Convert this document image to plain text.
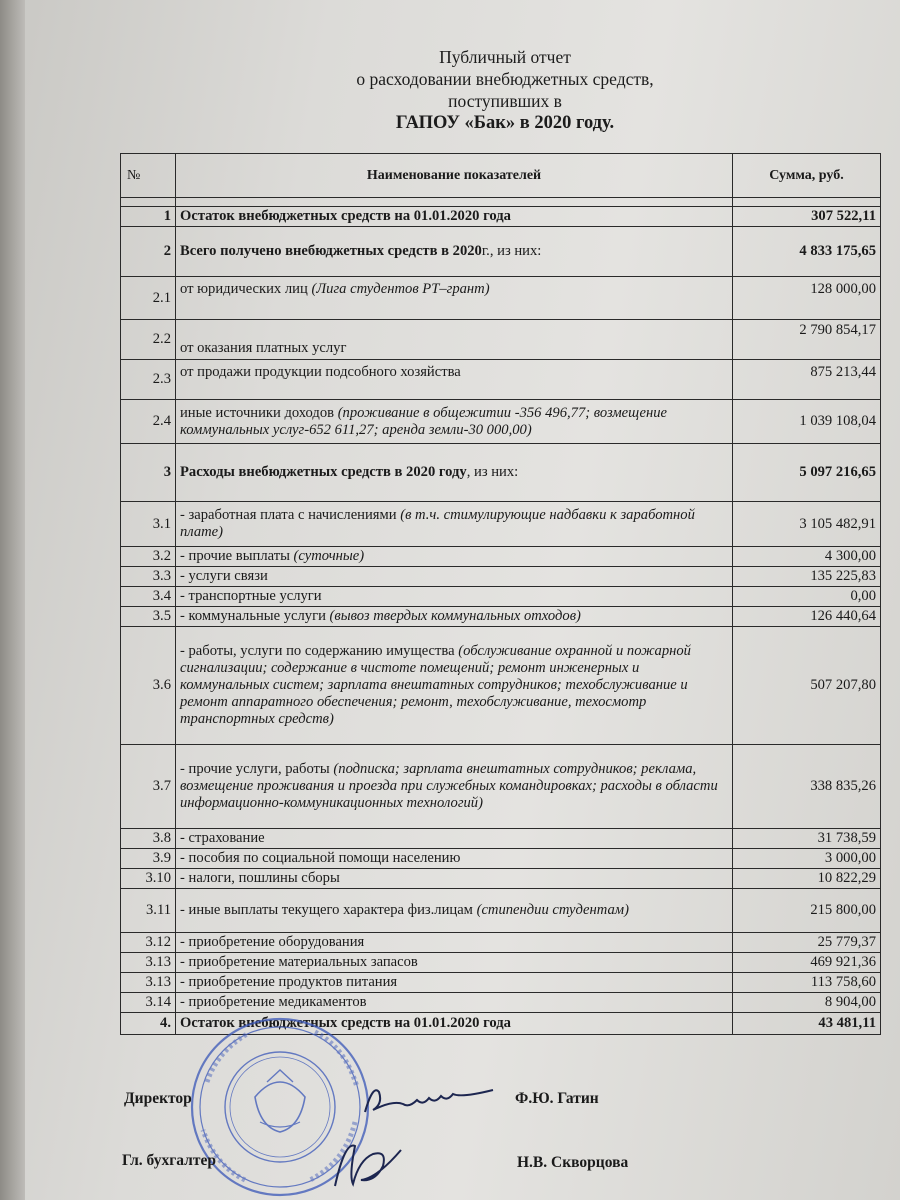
Публичный отчет
о расходовании внебюджетных средств,
поступивших в
ГАПОУ «Бак» в 2020 году.
№	Наименование показателей	Сумма, руб.

1	Остаток внебюджетных средств на 01.01.2020 года	307 522,11
2	Всего получено внебюджетных средств в 2020г., из них:	4 833 175,65
2.1	от юридических лиц (Лига студентов РТ–грант)	128 000,00
2.2	от оказания платных услуг	2 790 854,17
2.3	от продажи продукции подсобного хозяйства	875 213,44
2.4	иные источники доходов (проживание в общежитии -356 496,77; возмещение коммунальных услуг-652 611,27; аренда земли-30 000,00)	1 039 108,04
3	Расходы внебюджетных средств в 2020 году, из них:	5 097 216,65
3.1	- заработная плата с начислениями (в т.ч. стимулирующие надбавки к заработной плате)	3 105 482,91
3.2	- прочие выплаты (суточные)	4 300,00
3.3	- услуги связи	135 225,83
3.4	- транспортные услуги	0,00
3.5	- коммунальные услуги (вывоз твердых коммунальных отходов)	126 440,64
3.6	- работы, услуги по содержанию имущества (обслуживание охранной и пожарной сигнализации; содержание в чистоте помещений; ремонт инженерных и коммунальных систем; зарплата внештатных сотрудников; техобслуживание и ремонт аппаратного обеспечения; ремонт, техобслуживание, техосмотр транспортных средств)	507 207,80
3.7	- прочие услуги, работы (подписка; зарплата внештатных сотрудников; реклама, возмещение проживания и проезда при служебных командировках; расходы в области информационно-коммуникационных технологий)	338 835,26
3.8	- страхование	31 738,59
3.9	- пособия по социальной помощи населению	3 000,00
3.10	- налоги, пошлины сборы	10 822,29
3.11	- иные выплаты текущего характера физ.лицам (стипендии студентам)	215 800,00
3.12	- приобретение оборудования	25 779,37
3.13	- приобретение материальных запасов	469 921,36
3.13	- приобретение продуктов питания	113 758,60
3.14	- приобретение медикаментов	8 904,00
4.	Остаток внебюджетных средств на 01.01.2020 года	43 481,11
Директор	Ф.Ю. Гатин
Гл. бухгалтер	Н.В. Скворцова
